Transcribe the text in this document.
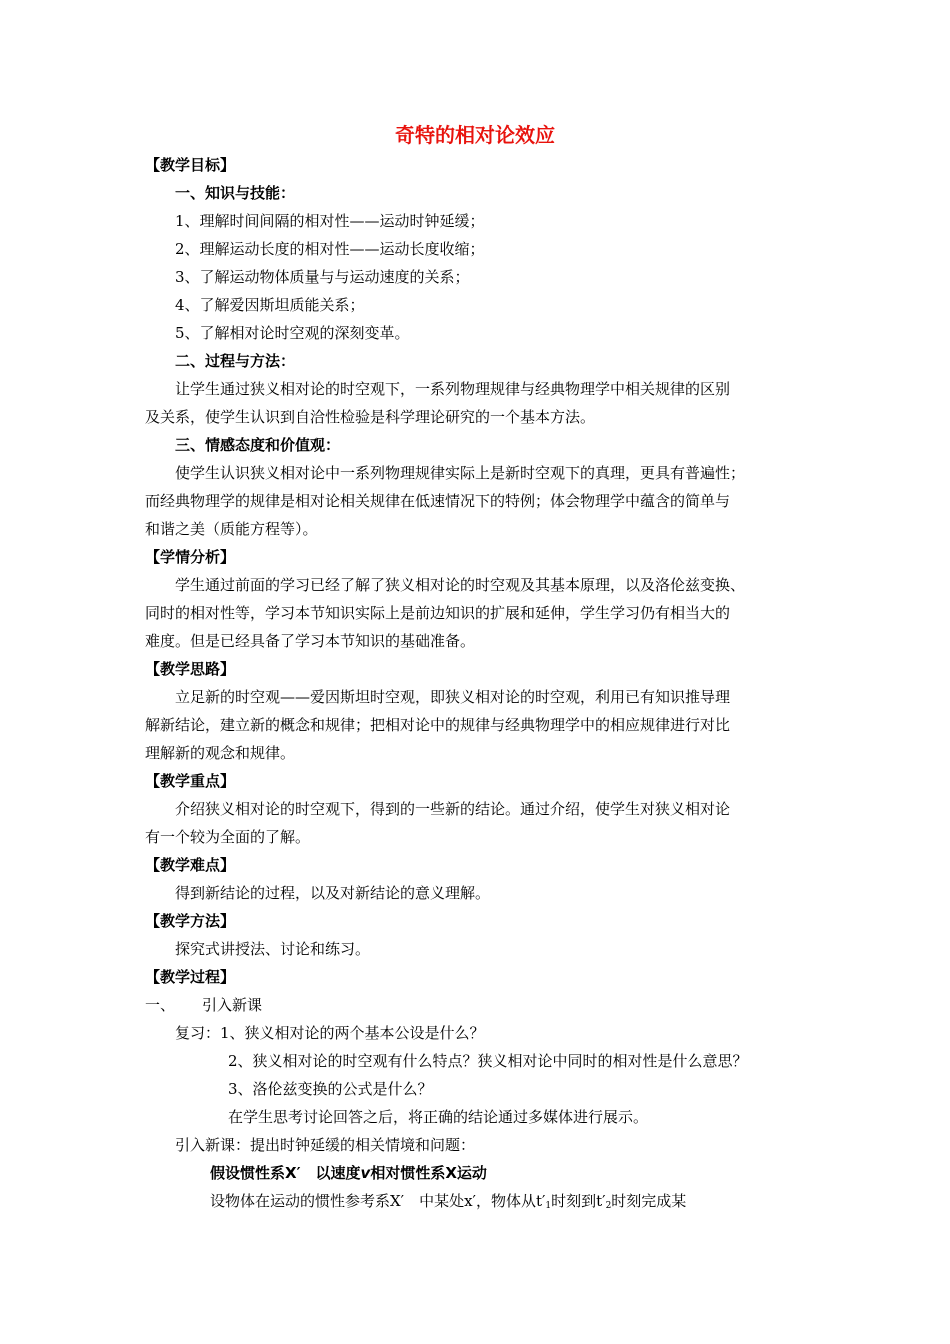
奇特的相对论效应

【教学目标】

一、知识与技能：

1、理解时间间隔的相对性——运动时钟延缓；

2、理解运动长度的相对性——运动长度收缩；

3、了解运动物体质量与与运动速度的关系；

4、了解爱因斯坦质能关系；

5、了解相对论时空观的深刻变革。

二、过程与方法：

让学生通过狭义相对论的时空观下，一系列物理规律与经典物理学中相关规律的区别

及关系，使学生认识到自洽性检验是科学理论研究的一个基本方法。

三、情感态度和价值观：

使学生认识狭义相对论中一系列物理规律实际上是新时空观下的真理，更具有普遍性；

而经典物理学的规律是相对论相关规律在低速情况下的特例；体会物理学中蕴含的简单与

和谐之美（质能方程等）。

【学情分析】

学生通过前面的学习已经了解了狭义相对论的时空观及其基本原理，以及洛伦兹变换、

同时的相对性等，学习本节知识实际上是前边知识的扩展和延伸，学生学习仍有相当大的

难度。但是已经具备了学习本节知识的基础准备。

【教学思路】

立足新的时空观——爱因斯坦时空观，即狭义相对论的时空观，利用已有知识推导理

解新结论，建立新的概念和规律；把相对论中的规律与经典物理学中的相应规律进行对比

理解新的观念和规律。

【教学重点】

介绍狭义相对论的时空观下，得到的一些新的结论。通过介绍，使学生对狭义相对论

有一个较为全面的了解。

【教学难点】

得到新结论的过程，以及对新结论的意义理解。

【教学方法】

探究式讲授法、讨论和练习。

【教学过程】

一、 引入新课

复习：1、狭义相对论的两个基本公设是什么？

2、狭义相对论的时空观有什么特点？狭义相对论中同时的相对性是什么意思？

3、洛伦兹变换的公式是什么？

在学生思考讨论回答之后，将正确的结论通过多媒体进行展示。

引入新课：提出时钟延缓的相关情境和问题：

假设惯性系X′　以速度v相对惯性系X运动

设物体在运动的惯性参考系X′　中某处x′，物体从$t'_1$时刻到$t'_2$时刻完成某
